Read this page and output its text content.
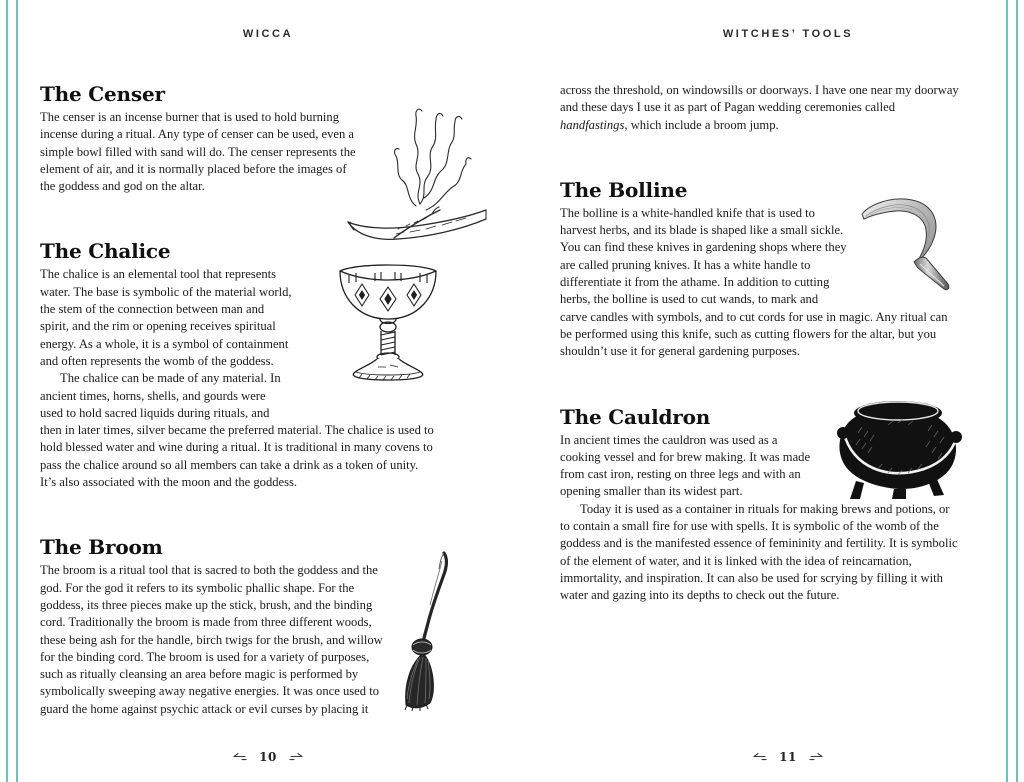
WICCA
The Censer

The censer is an incense burner that is used to hold burning incense during a ritual. Any type of censer can be used, even a simple bowl filled with sand will do. The censer represents the element of air, and it is normally placed before the images of the goddess and god on the altar.

The Chalice

The chalice is an elemental tool that represents water. The base is symbolic of the material world, the stem of the connection between man and spirit, and the rim or opening receives spiritual energy. As a whole, it is a symbol of containment and often represents the womb of the goddess.

The chalice can be made of any material. In ancient times, horns, shells, and gourds were used to hold sacred liquids during rituals, and then in later times, silver became the preferred material. The chalice is used to hold blessed water and wine during a ritual. It is traditional in many covens to pass the chalice around so all members can take a drink as a token of unity. It’s also associated with the moon and the goddess.

The Broom

The broom is a ritual tool that is sacred to both the goddess and the god. For the god it refers to its symbolic phallic shape. For the goddess, its three pieces make up the stick, brush, and the binding cord. Traditionally the broom is made from three different woods, these being ash for the handle, birch twigs for the brush, and willow for the binding cord. The broom is used for a variety of purposes, such as ritually cleansing an area before magic is performed by symbolically sweeping away negative energies. It was once used to guard the home against psychic attack or evil curses by placing it

10
WITCHES’ TOOLS

across the threshold, on windowsills or doorways. I have one near my doorway and these days I use it as part of Pagan wedding ceremonies called handfastings, which include a broom jump.

The Bolline

The bolline is a white-handled knife that is used to harvest herbs, and its blade is shaped like a small sickle. You can find these knives in gardening shops where they are called pruning knives. It has a white handle to differentiate it from the athame. In addition to cutting herbs, the bolline is used to cut wands, to mark and carve candles with symbols, and to cut cords for use in magic. Any ritual can be performed using this knife, such as cutting flowers for the altar, but you shouldn’t use it for general gardening purposes.

The Cauldron

In ancient times the cauldron was used as a cooking vessel and for brew making. It was made from cast iron, resting on three legs and with an opening smaller than its widest part.

Today it is used as a container in rituals for making brews and potions, or to contain a small fire for use with spells. It is symbolic of the womb of the goddess and is the manifested essence of femininity and fertility. It is symbolic of the element of water, and it is linked with the idea of reincarnation, immortality, and inspiration. It can also be used for scrying by filling it with water and gazing into its depths to check out the future.

11
